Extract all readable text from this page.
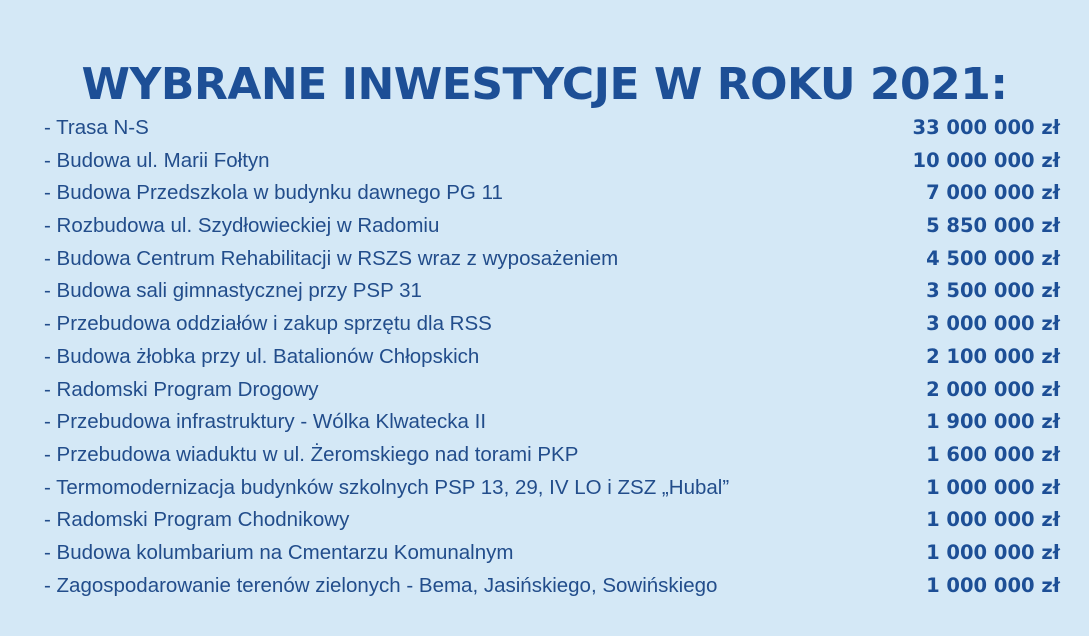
WYBRANE INWESTYCJE W ROKU 2021:
- Trasa N-S	33 000 000 zł
- Budowa ul. Marii Fołtyn	10 000 000 zł
- Budowa Przedszkola w budynku dawnego PG 11	7 000 000 zł
- Rozbudowa ul. Szydłowieckiej w Radomiu	5 850 000 zł
- Budowa Centrum Rehabilitacji w RSZS wraz z wyposażeniem	4 500 000 zł
- Budowa sali gimnastycznej przy PSP 31	3 500 000 zł
- Przebudowa oddziałów i zakup sprzętu dla RSS	3 000 000 zł
- Budowa żłobka przy ul. Batalionów Chłopskich	2 100 000 zł
- Radomski Program Drogowy	2 000 000 zł
- Przebudowa infrastruktury - Wólka Klwatecka II	1 900 000 zł
- Przebudowa wiaduktu w ul. Żeromskiego nad torami PKP	1 600 000 zł
- Termomodernizacja budynków szkolnych PSP 13, 29, IV LO i ZSZ „Hubal”	1 000 000 zł
- Radomski Program Chodnikowy	1 000 000 zł
- Budowa kolumbarium na Cmentarzu Komunalnym	1 000 000 zł
- Zagospodarowanie terenów zielonych - Bema, Jasińskiego, Sowińskiego	1 000 000 zł
